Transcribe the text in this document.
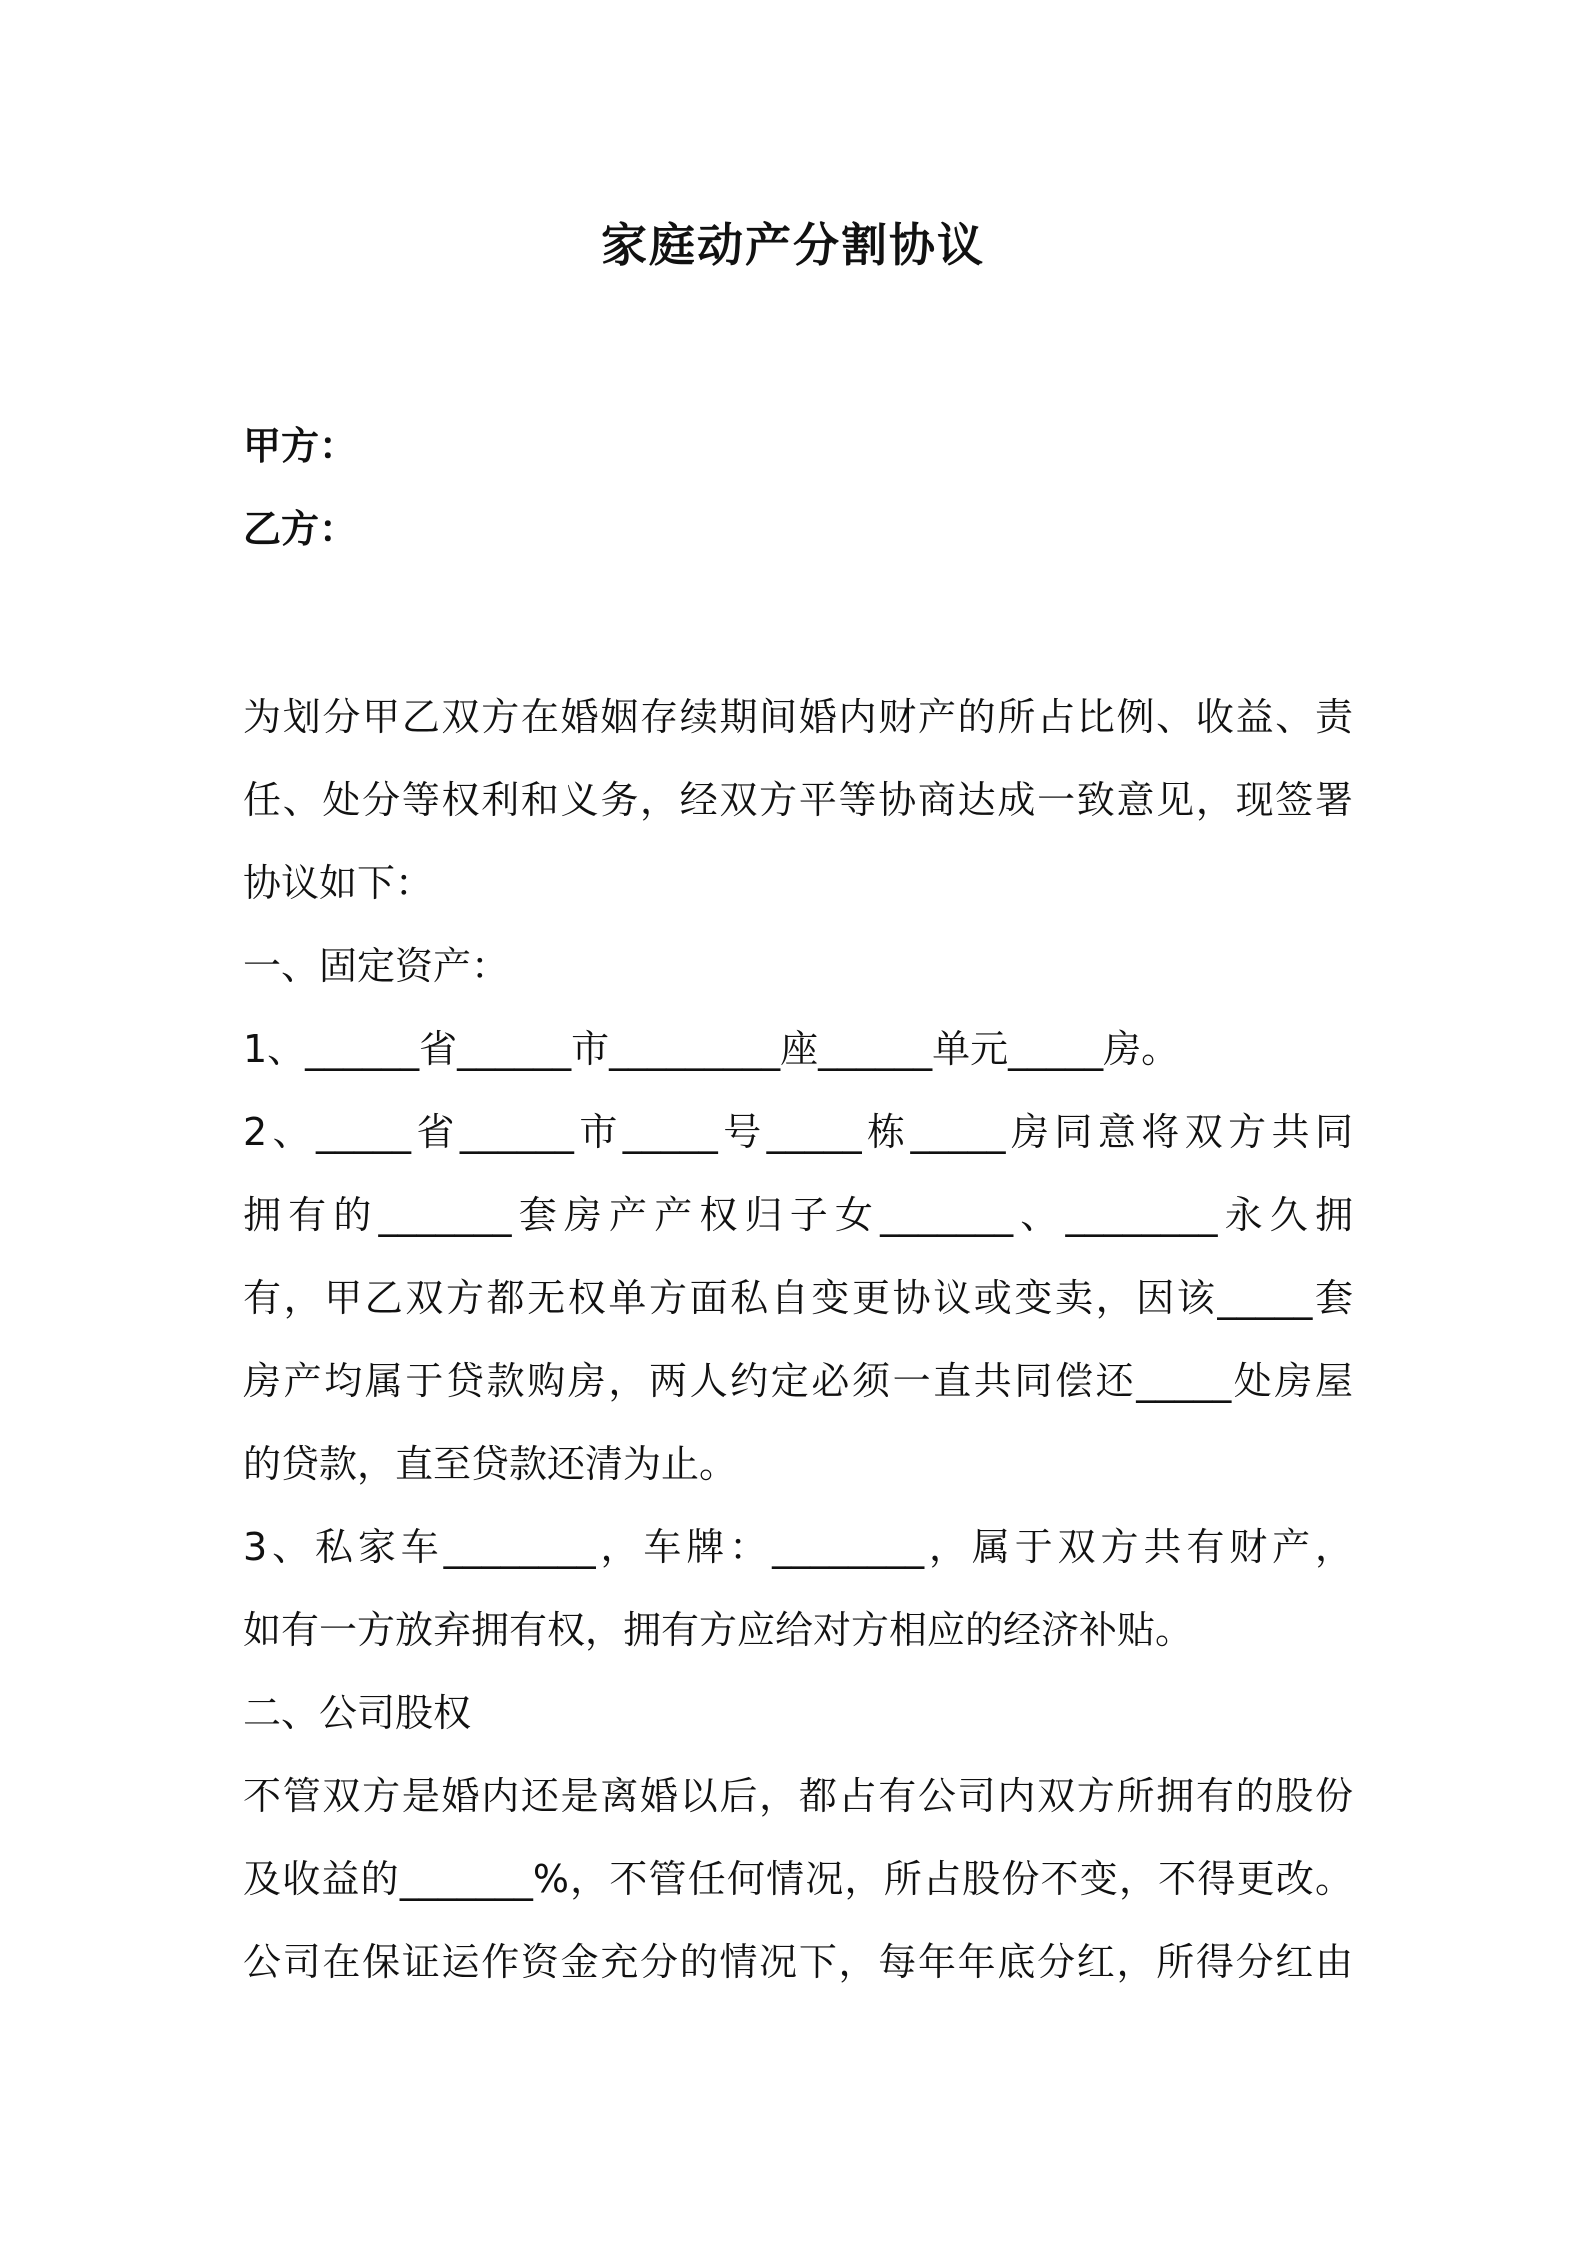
家庭动产分割协议
甲方：
乙方：
为划分甲乙双方在婚姻存续期间婚内财产的所占比例、收益、责
任、处分等权利和义务，经双方平等协商达成一致意见，现签署
协议如下：
一、固定资产：
1、______省______市_________座______单元_____房。
2、_____省______市_____号_____栋_____房同意将双方共同
拥有的_______套房产产权归子女_______、________永久拥
有，甲乙双方都无权单方面私自变更协议或变卖，因该_____套
房产均属于贷款购房，两人约定必须一直共同偿还_____处房屋
的贷款，直至贷款还清为止。
3、私家车________，车牌：________，属于双方共有财产，
如有一方放弃拥有权，拥有方应给对方相应的经济补贴。
二、公司股权
不管双方是婚内还是离婚以后，都占有公司内双方所拥有的股份
及收益的_______%，不管任何情况，所占股份不变，不得更改。
公司在保证运作资金充分的情况下，每年年底分红，所得分红由
